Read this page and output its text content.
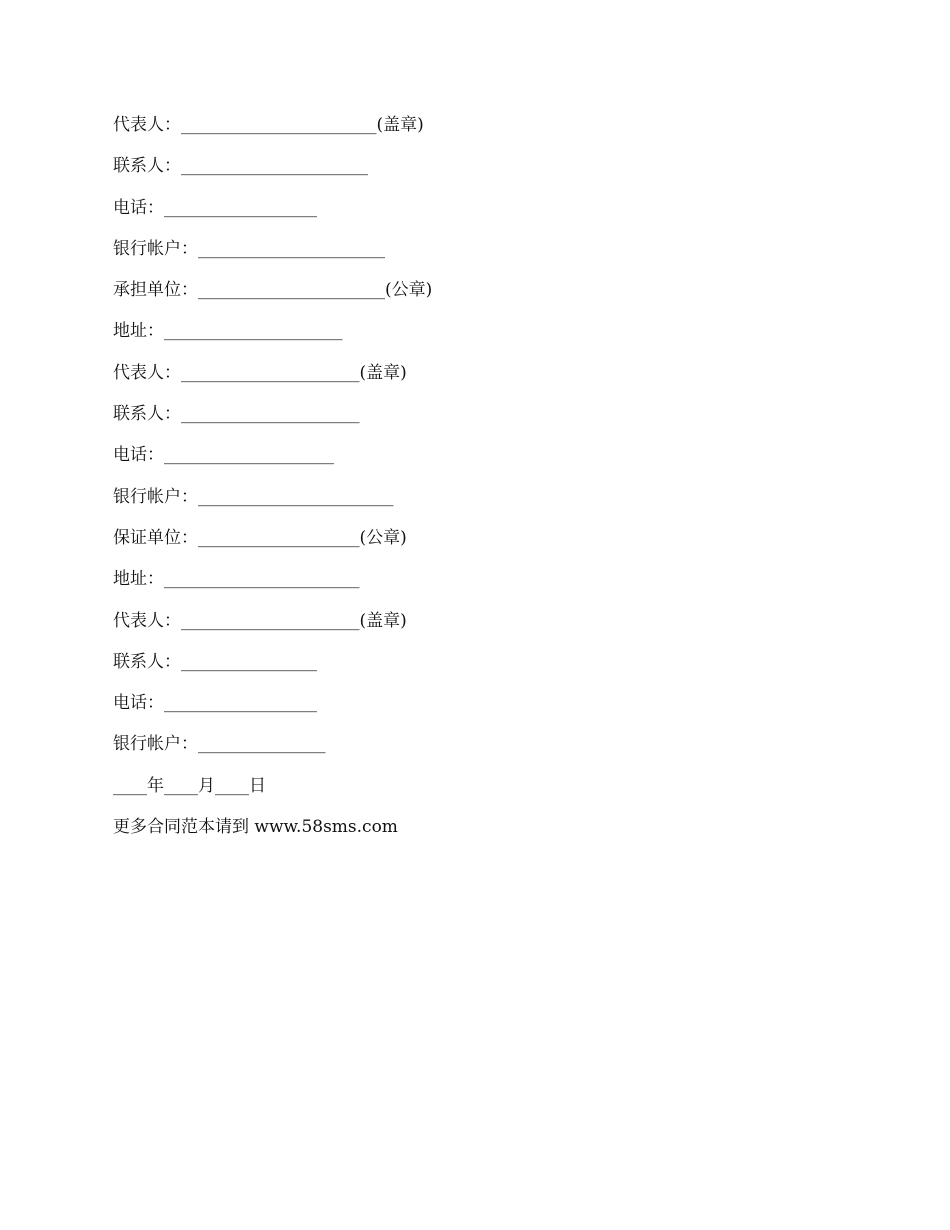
代表人：_______________________(盖章)
联系人：______________________
电话：__________________
银行帐户：______________________
承担单位：______________________(公章)
地址：_____________________
代表人：_____________________(盖章)
联系人：_____________________
电话：____________________
银行帐户：_______________________
保证单位：___________________(公章)
地址：_______________________
代表人：_____________________(盖章)
联系人：________________
电话：__________________
银行帐户：_______________
____年____月____日
更多合同范本请到 www.58sms.com
